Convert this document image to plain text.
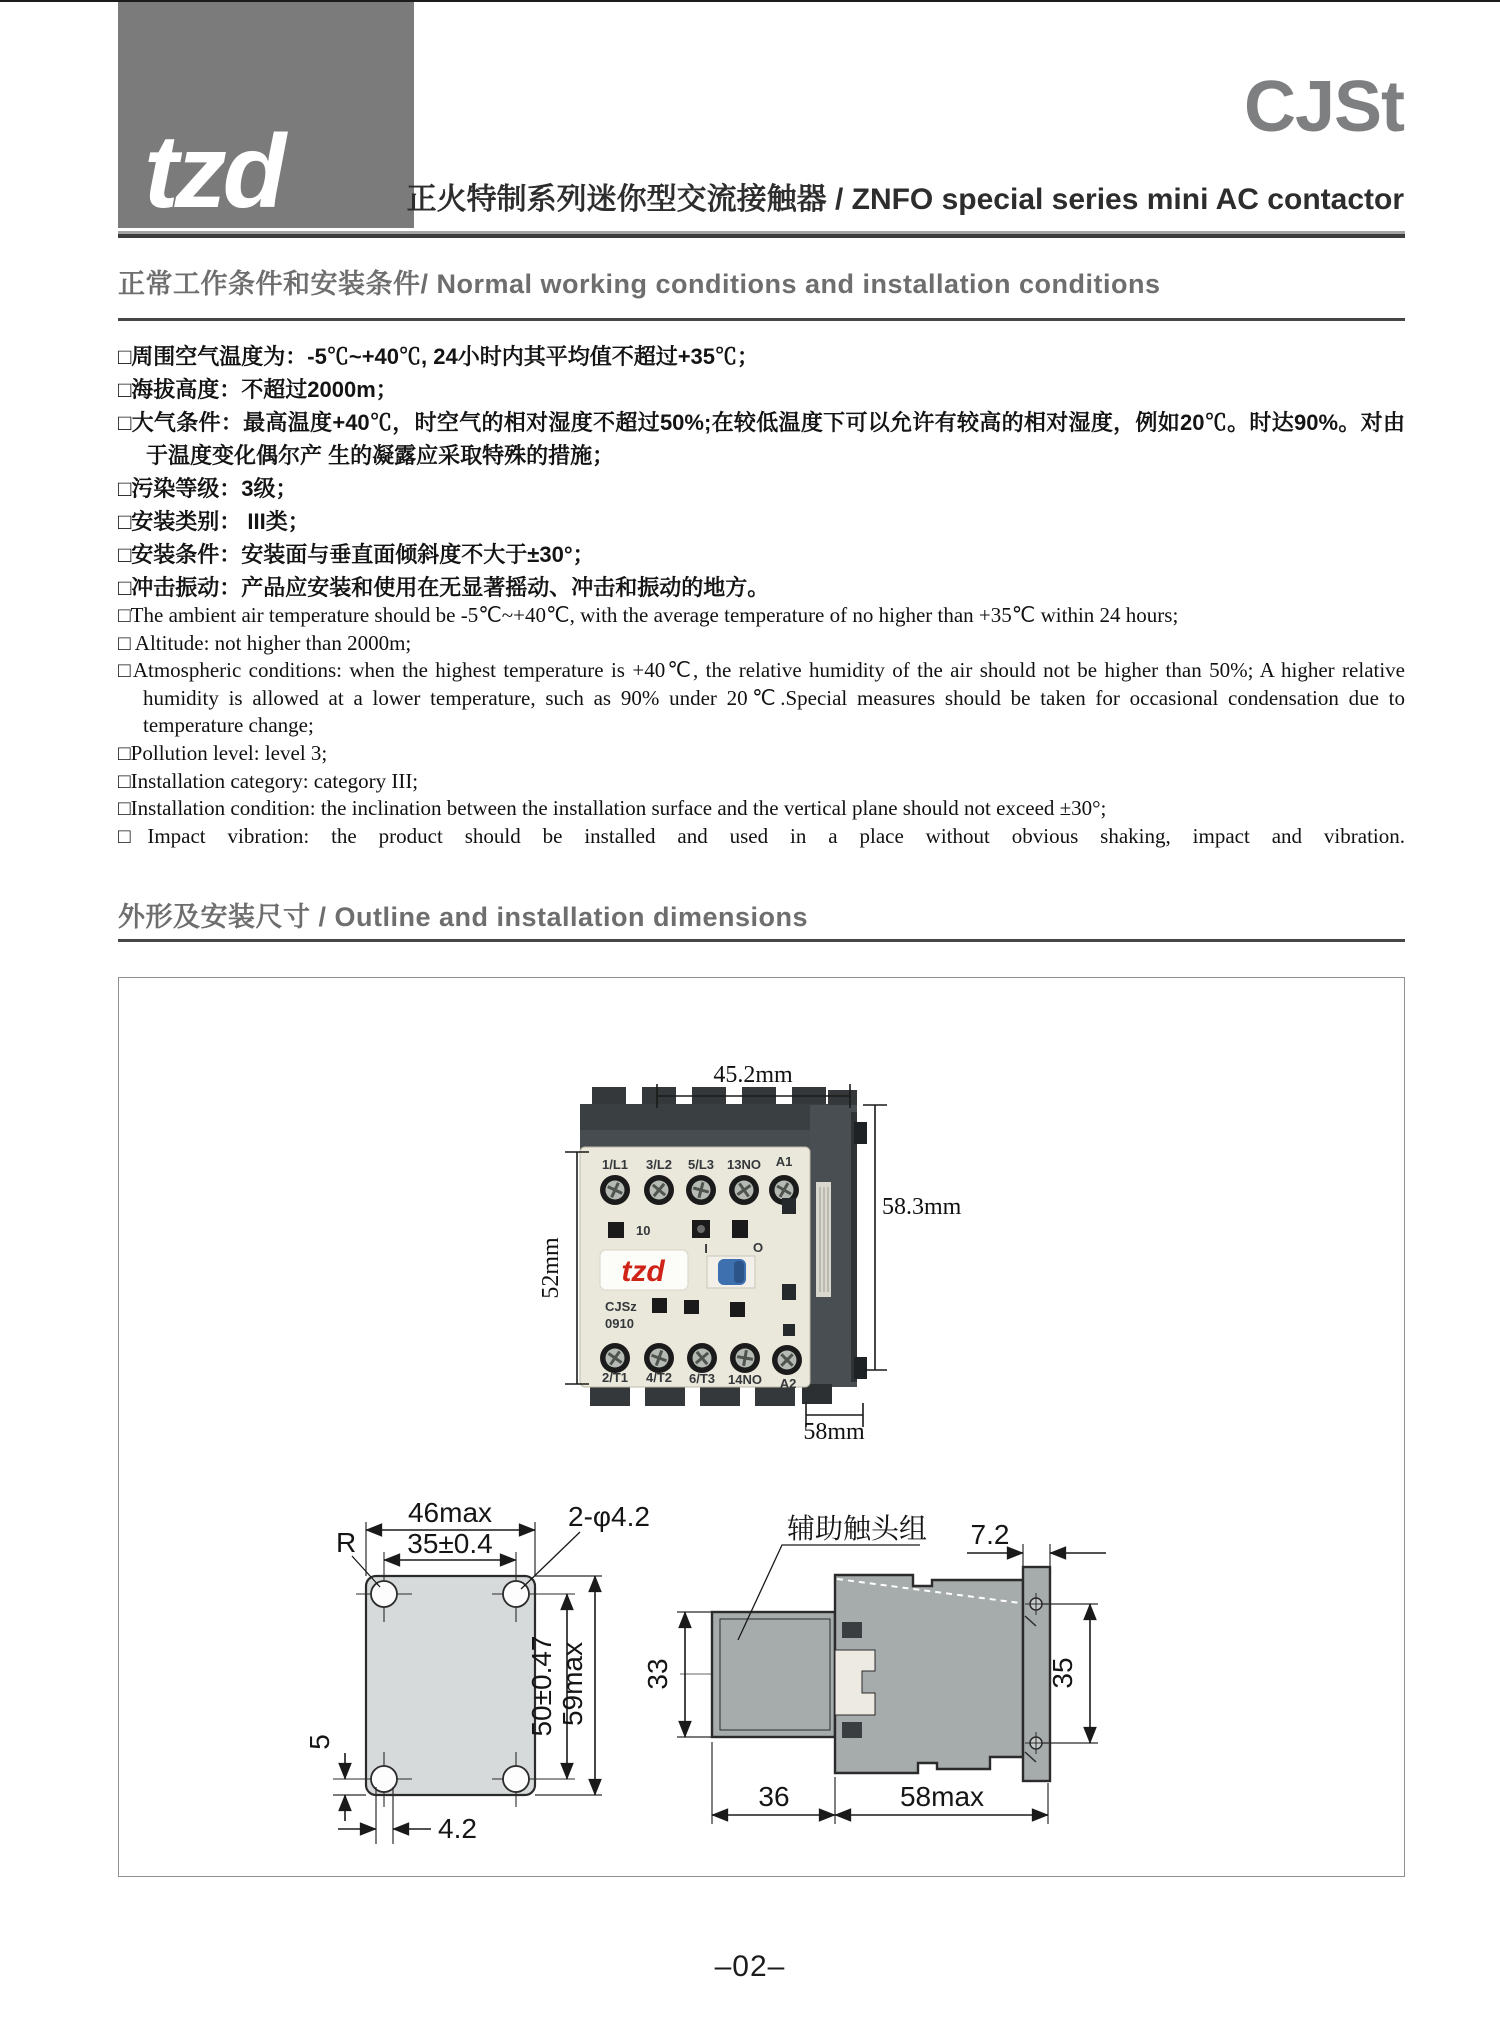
tzd
CJSt
正火特制系列迷你型交流接触器 / ZNFO special series mini AC contactor
正常工作条件和安装条件/ Normal working conditions and installation conditions
□周围空气温度为：-5℃~+40℃, 24小时内其平均值不超过+35℃；
□海拔高度：不超过2000m；
□大气条件：最高温度+40℃，时空气的相对湿度不超过50%;在较低温度下可以允许有较高的相对湿度，例如20℃。时达90%。对由于温度变化偶尔产 生的凝露应采取特殊的措施；
□污染等级：3级；
□安装类别： III类；
□安装条件：安装面与垂直面倾斜度不大于±30°；
□冲击振动：产品应安装和使用在无显著摇动、冲击和振动的地方。
□The ambient air temperature should be -5℃~+40℃, with the average temperature of no higher than +35℃ within 24 hours;
□ Altitude: not higher than 2000m;
□Atmospheric conditions: when the highest temperature is +40℃, the relative humidity of the air should not be higher than 50%; A higher relative humidity is allowed at a lower temperature, such as 90% under 20℃.Special measures should be taken for occasional condensation due to temperature change;
□Pollution level: level 3;
□Installation category: category III;
□Installation condition: the inclination between the installation surface and the vertical plane should not exceed ±30°;
□Impact vibration: the product should be installed and used in a place without obvious shaking, impact and vibration.
外形及安装尺寸 / Outline and installation dimensions
1/L1 3/L2 5/L3 13NO A1
2/T1 4/T2 6/T3 14NO A2
10
I	O
tzd
CJSz
0910
45.2mm
58.3mm
52mm
58mm
46max
35±0.4
2-φ4.2
R
50±0.47 59max
5
4.2
辅助触头组 7.2
33	35
36	58max
–02–
